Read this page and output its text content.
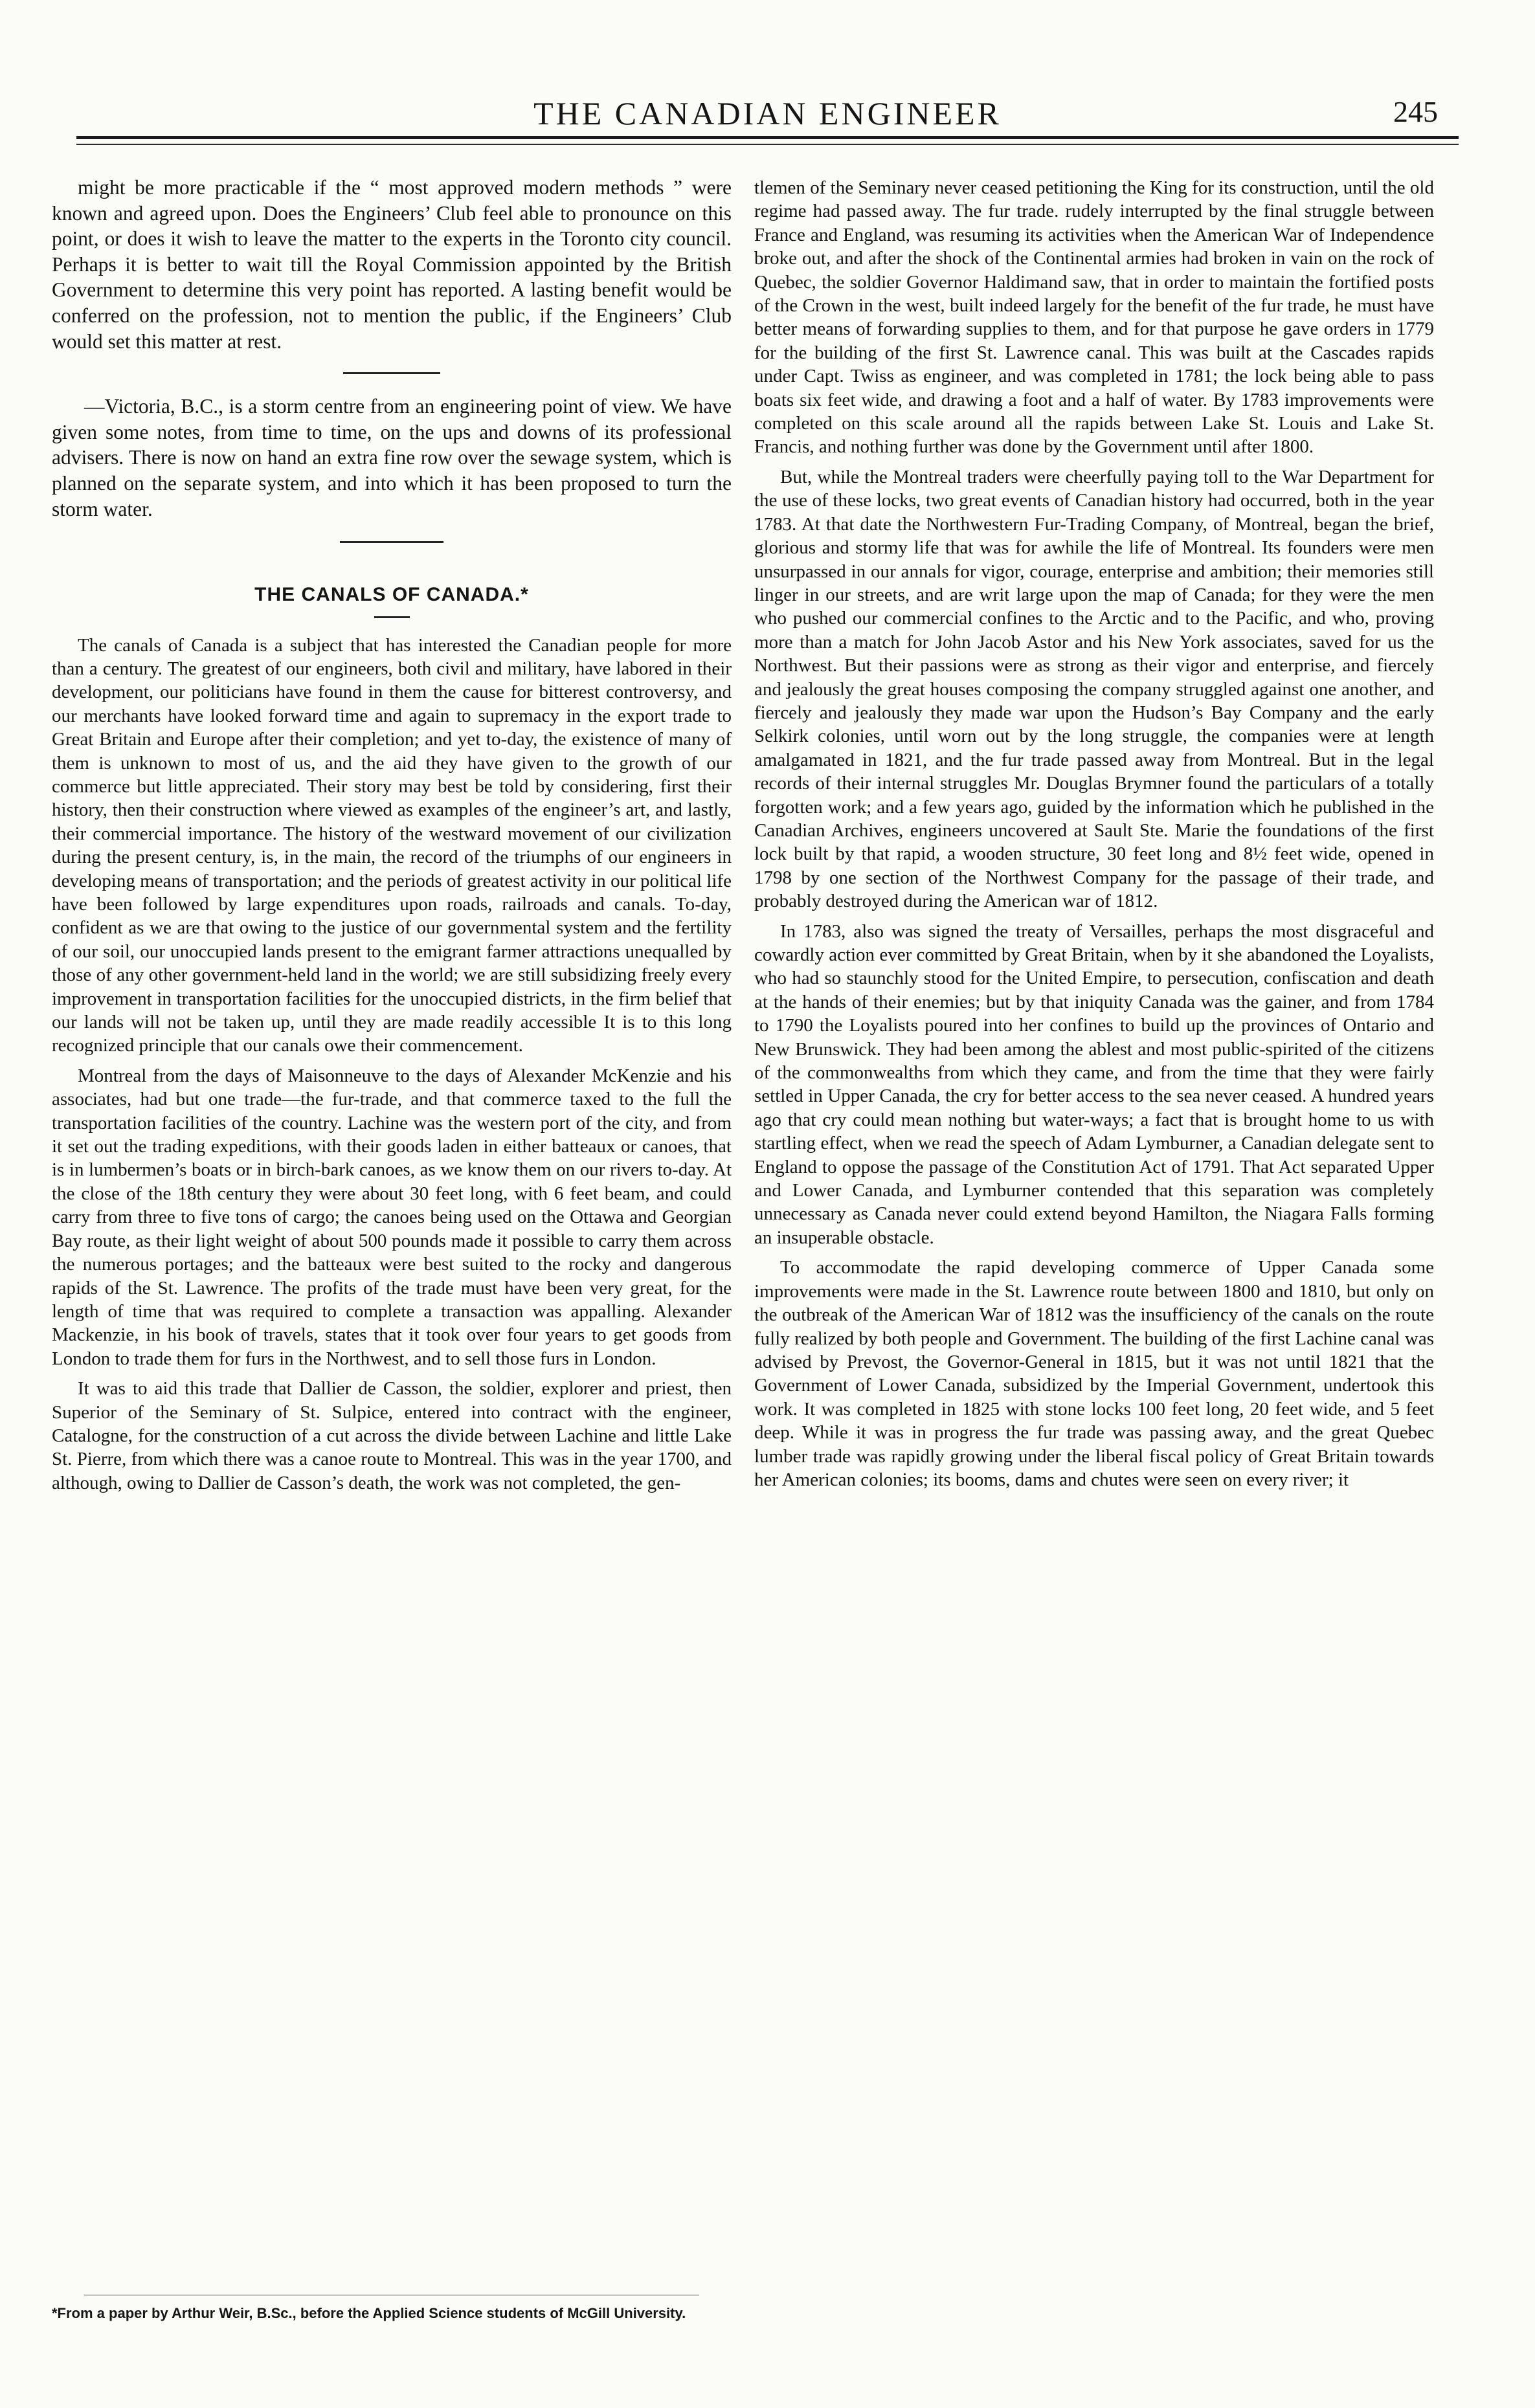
THE CANADIAN ENGINEER	245

might be more practicable if the “ most approved modern methods ” were known and agreed upon. Does the Engineers’ Club feel able to pronounce on this point, or does it wish to leave the matter to the experts in the Toronto city council. Perhaps it is better to wait till the Royal Commission appointed by the British Government to determine this very point has reported. A lasting benefit would be conferred on the profession, not to mention the public, if the Engineers’ Club would set this matter at rest.

—Victoria, B.C., is a storm centre from an engineering point of view. We have given some notes, from time to time, on the ups and downs of its professional advisers. There is now on hand an extra fine row over the sewage system, which is planned on the separate system, and into which it has been proposed to turn the storm water.

THE CANALS OF CANADA.*

The canals of Canada is a subject that has interested the Canadian people for more than a century. The greatest of our engineers, both civil and military, have labored in their development, our politicians have found in them the cause for bitterest controversy, and our merchants have looked forward time and again to supremacy in the export trade to Great Britain and Europe after their completion; and yet to-day, the existence of many of them is unknown to most of us, and the aid they have given to the growth of our commerce but little appreciated. Their story may best be told by considering, first their history, then their construction where viewed as examples of the engineer’s art, and lastly, their commercial importance. The history of the westward movement of our civilization during the present century, is, in the main, the record of the triumphs of our engineers in developing means of transportation; and the periods of greatest activity in our political life have been followed by large expenditures upon roads, railroads and canals. To-day, confident as we are that owing to the justice of our governmental system and the fertility of our soil, our unoccupied lands present to the emigrant farmer attractions unequalled by those of any other government-held land in the world; we are still subsidizing freely every improvement in transportation facilities for the unoccupied districts, in the firm belief that our lands will not be taken up, until they are made readily accessible It is to this long recognized principle that our canals owe their commencement.

Montreal from the days of Maisonneuve to the days of Alexander McKenzie and his associates, had but one trade—the fur-trade, and that commerce taxed to the full the transportation facilities of the country. Lachine was the western port of the city, and from it set out the trading expeditions, with their goods laden in either batteaux or canoes, that is in lumbermen’s boats or in birch-bark canoes, as we know them on our rivers to-day. At the close of the 18th century they were about 30 feet long, with 6 feet beam, and could carry from three to five tons of cargo; the canoes being used on the Ottawa and Georgian Bay route, as their light weight of about 500 pounds made it possible to carry them across the numerous portages; and the batteaux were best suited to the rocky and dangerous rapids of the St. Lawrence. The profits of the trade must have been very great, for the length of time that was required to complete a transaction was appalling. Alexander Mackenzie, in his book of travels, states that it took over four years to get goods from London to trade them for furs in the Northwest, and to sell those furs in London.

It was to aid this trade that Dallier de Casson, the soldier, explorer and priest, then Superior of the Seminary of St. Sulpice, entered into contract with the engineer, Catalogne, for the construction of a cut across the divide between Lachine and little Lake St. Pierre, from which there was a canoe route to Montreal. This was in the year 1700, and although, owing to Dallier de Casson’s death, the work was not completed, the gen-

*From a paper by Arthur Weir, B.Sc., before the Applied Science students of McGill University.

tlemen of the Seminary never ceased petitioning the King for its construction, until the old regime had passed away. The fur trade. rudely interrupted by the final struggle between France and England, was resuming its activities when the American War of Independence broke out, and after the shock of the Continental armies had broken in vain on the rock of Quebec, the soldier Governor Haldimand saw, that in order to maintain the fortified posts of the Crown in the west, built indeed largely for the benefit of the fur trade, he must have better means of forwarding supplies to them, and for that purpose he gave orders in 1779 for the building of the first St. Lawrence canal. This was built at the Cascades rapids under Capt. Twiss as engineer, and was completed in 1781; the lock being able to pass boats six feet wide, and drawing a foot and a half of water. By 1783 improvements were completed on this scale around all the rapids between Lake St. Louis and Lake St. Francis, and nothing further was done by the Government until after 1800.

But, while the Montreal traders were cheerfully paying toll to the War Department for the use of these locks, two great events of Canadian history had occurred, both in the year 1783. At that date the Northwestern Fur-Trading Company, of Montreal, began the brief, glorious and stormy life that was for awhile the life of Montreal. Its founders were men unsurpassed in our annals for vigor, courage, enterprise and ambition; their memories still linger in our streets, and are writ large upon the map of Canada; for they were the men who pushed our commercial confines to the Arctic and to the Pacific, and who, proving more than a match for John Jacob Astor and his New York associates, saved for us the Northwest. But their passions were as strong as their vigor and enterprise, and fiercely and jealously the great houses composing the company struggled against one another, and fiercely and jealously they made war upon the Hudson’s Bay Company and the early Selkirk colonies, until worn out by the long struggle, the companies were at length amalgamated in 1821, and the fur trade passed away from Montreal. But in the legal records of their internal struggles Mr. Douglas Brymner found the particulars of a totally forgotten work; and a few years ago, guided by the information which he published in the Canadian Archives, engineers uncovered at Sault Ste. Marie the foundations of the first lock built by that rapid, a wooden structure, 30 feet long and 8½ feet wide, opened in 1798 by one section of the Northwest Company for the passage of their trade, and probably destroyed during the American war of 1812.

In 1783, also was signed the treaty of Versailles, perhaps the most disgraceful and cowardly action ever committed by Great Britain, when by it she abandoned the Loyalists, who had so staunchly stood for the United Empire, to persecution, confiscation and death at the hands of their enemies; but by that iniquity Canada was the gainer, and from 1784 to 1790 the Loyalists poured into her confines to build up the provinces of Ontario and New Brunswick. They had been among the ablest and most public-spirited of the citizens of the commonwealths from which they came, and from the time that they were fairly settled in Upper Canada, the cry for better access to the sea never ceased. A hundred years ago that cry could mean nothing but water-ways; a fact that is brought home to us with startling effect, when we read the speech of Adam Lymburner, a Canadian delegate sent to England to oppose the passage of the Constitution Act of 1791. That Act separated Upper and Lower Canada, and Lymburner contended that this separation was completely unnecessary as Canada never could extend beyond Hamilton, the Niagara Falls forming an insuperable obstacle.

To accommodate the rapid developing commerce of Upper Canada some improvements were made in the St. Lawrence route between 1800 and 1810, but only on the outbreak of the American War of 1812 was the insufficiency of the canals on the route fully realized by both people and Government. The building of the first Lachine canal was advised by Prevost, the Governor-General in 1815, but it was not until 1821 that the Government of Lower Canada, subsidized by the Imperial Government, undertook this work. It was completed in 1825 with stone locks 100 feet long, 20 feet wide, and 5 feet deep. While it was in progress the fur trade was passing away, and the great Quebec lumber trade was rapidly growing under the liberal fiscal policy of Great Britain towards her American colonies; its booms, dams and chutes were seen on every river; it
